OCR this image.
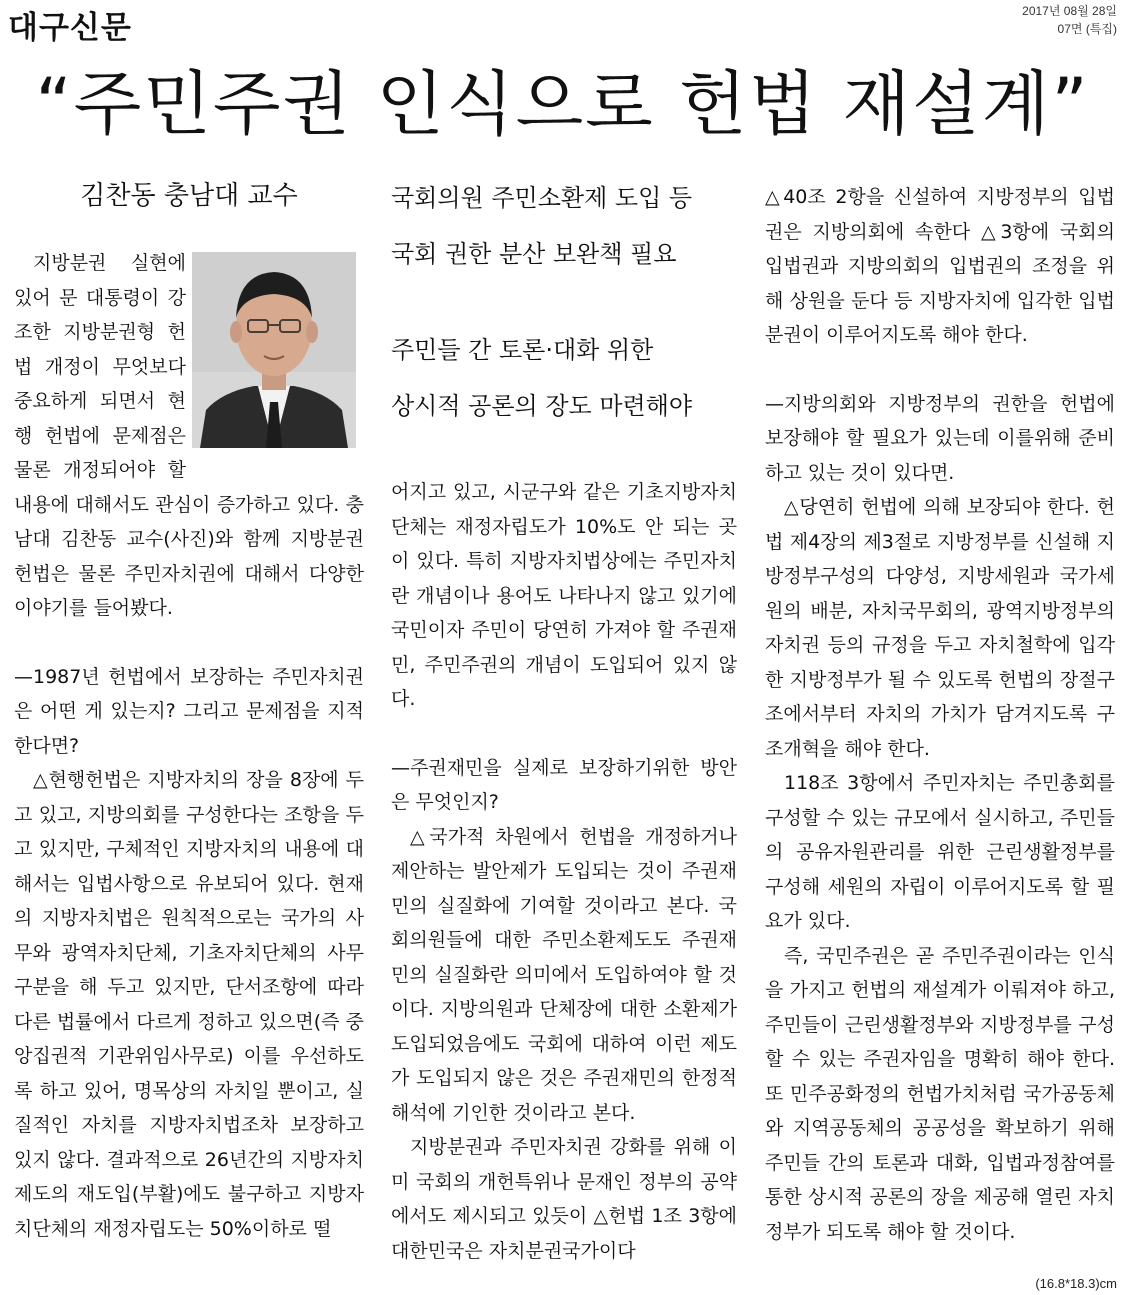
대구신문	2017년 08월 28일
07면 (특집)
“주민주권 인식으로 헌법 재설계”
김찬동 충남대 교수

지방분권 실현에 있어 문 대통령이 강조한 지방분권형 헌법 개정이 무엇보다 중요하게 되면서 현행 헌법에 문제점은 물론 개정되어야 할 내용에 대해서도 관심이 증가하고 있다. 충남대 김찬동 교수(사진)와 함께 지방분권 헌법은 물론 주민자치권에 대해서 다양한 이야기를 들어봤다.

—1987년 헌법에서 보장하는 주민자치권은 어떤 게 있는지? 그리고 문제점을 지적한다면?

△현행헌법은 지방자치의 장을 8장에 두고 있고, 지방의회를 구성한다는 조항을 두고 있지만, 구체적인 지방자치의 내용에 대해서는 입법사항으로 유보되어 있다. 현재의 지방자치법은 원칙적으로는 국가의 사무와 광역자치단체, 기초자치단체의 사무구분을 해 두고 있지만, 단서조항에 따라 다른 법률에서 다르게 정하고 있으면(즉 중앙집권적 기관위임사무로) 이를 우선하도록 하고 있어, 명목상의 자치일 뿐이고, 실질적인 자치를 지방자치법조차 보장하고 있지 않다. 결과적으로 26년간의 지방자치제도의 재도입(부활)에도 불구하고 지방자치단체의 재정자립도는 50%이하로 떨

국회의원 주민소환제 도입 등

국회 권한 분산 보완책 필요

주민들 간 토론·대화 위한

상시적 공론의 장도 마련해야

어지고 있고, 시군구와 같은 기초지방자치단체는 재정자립도가 10%도 안 되는 곳이 있다. 특히 지방자치법상에는 주민자치란 개념이나 용어도 나타나지 않고 있기에 국민이자 주민이 당연히 가져야 할 주권재민, 주민주권의 개념이 도입되어 있지 않다.

—주권재민을 실제로 보장하기위한 방안은 무엇인지?

△국가적 차원에서 헌법을 개정하거나 제안하는 발안제가 도입되는 것이 주권재민의 실질화에 기여할 것이라고 본다. 국회의원들에 대한 주민소환제도도 주권재민의 실질화란 의미에서 도입하여야 할 것이다. 지방의원과 단체장에 대한 소환제가 도입되었음에도 국회에 대하여 이런 제도가 도입되지 않은 것은 주권재민의 한정적 해석에 기인한 것이라고 본다.

지방분권과 주민자치권 강화를 위해 이미 국회의 개헌특위나 문재인 정부의 공약에서도 제시되고 있듯이 △헌법 1조 3항에 대한민국은 자치분권국가이다

△40조 2항을 신설하여 지방정부의 입법권은 지방의회에 속한다 △3항에 국회의 입법권과 지방의회의 입법권의 조정을 위해 상원을 둔다 등 지방자치에 입각한 입법분권이 이루어지도록 해야 한다.

—지방의회와 지방정부의 권한을 헌법에 보장해야 할 필요가 있는데 이를위해 준비하고 있는 것이 있다면.

△당연히 헌법에 의해 보장되야 한다. 헌법 제4장의 제3절로 지방정부를 신설해 지방정부구성의 다양성, 지방세원과 국가세원의 배분, 자치국무회의, 광역지방정부의 자치권 등의 규정을 두고 자치철학에 입각한 지방정부가 될 수 있도록 헌법의 장절구조에서부터 자치의 가치가 담겨지도록 구조개혁을 해야 한다.

118조 3항에서 주민자치는 주민총회를 구성할 수 있는 규모에서 실시하고, 주민들의 공유자원관리를 위한 근린생활정부를 구성해 세원의 자립이 이루어지도록 할 필요가 있다.

즉, 국민주권은 곧 주민주권이라는 인식을 가지고 헌법의 재설계가 이뤄져야 하고, 주민들이 근린생활정부와 지방정부를 구성할 수 있는 주권자임을 명확히 해야 한다. 또 민주공화정의 헌법가치처럼 국가공동체와 지역공동체의 공공성을 확보하기 위해 주민들 간의 토론과 대화, 입법과정참여를 통한 상시적 공론의 장을 제공해 열린 자치정부가 되도록 해야 할 것이다.

(16.8*18.3)cm
